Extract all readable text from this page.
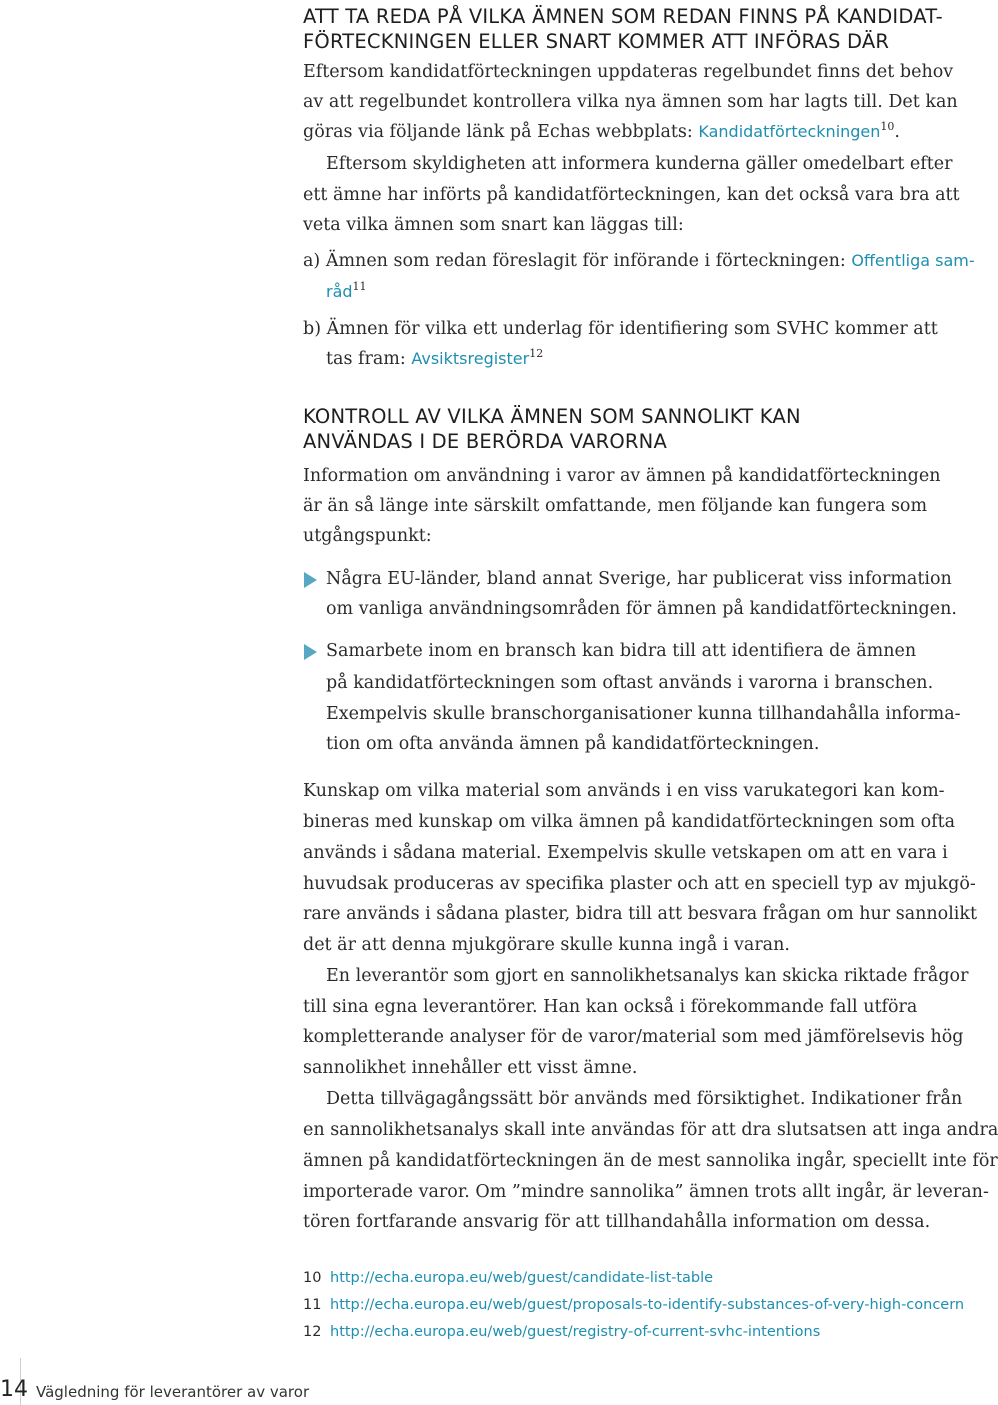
ATT TA REDA PÅ VILKA ÄMNEN SOM REDAN FINNS PÅ KANDIDAT-
FÖRTECKNINGEN ELLER SNART KOMMER ATT INFÖRAS DÄR
Eftersom kandidatförteckningen uppdateras regelbundet finns det behov
av att regelbundet kontrollera vilka nya ämnen som har lagts till. Det kan
göras via följande länk på Echas webbplats: Kandidatförteckningen$^{10}$.
Eftersom skyldigheten att informera kunderna gäller omedelbart efter
ett ämne har införts på kandidatförteckningen, kan det också vara bra att
veta vilka ämnen som snart kan läggas till:
a) Ämnen som redan föreslagit för införande i förteckningen: Offentliga sam-
råd$^{11}$
b) Ämnen för vilka ett underlag för identifiering som SVHC kommer att
tas fram: Avsiktsregister$^{12}$
KONTROLL AV VILKA ÄMNEN SOM SANNOLIKT KAN
ANVÄNDAS I DE BERÖRDA VARORNA
Information om användning i varor av ämnen på kandidatförteckningen
är än så länge inte särskilt omfattande, men följande kan fungera som
utgångspunkt:
Några EU-länder, bland annat Sverige, har publicerat viss information
om vanliga användningsområden för ämnen på kandidatförteckningen.
Samarbete inom en bransch kan bidra till att identifiera de ämnen
på kandidatförteckningen som oftast används i varorna i branschen.
Exempelvis skulle branschorganisationer kunna tillhandahålla informa-
tion om ofta använda ämnen på kandidatförteckningen.
Kunskap om vilka material som används i en viss varukategori kan kom-
bineras med kunskap om vilka ämnen på kandidatförteckningen som ofta
används i sådana material. Exempelvis skulle vetskapen om att en vara i
huvudsak produceras av specifika plaster och att en speciell typ av mjukgö-
rare används i sådana plaster, bidra till att besvara frågan om hur sannolikt
det är att denna mjukgörare skulle kunna ingå i varan.
En leverantör som gjort en sannolikhetsanalys kan skicka riktade frågor
till sina egna leverantörer. Han kan också i förekommande fall utföra
kompletterande analyser för de varor/material som med jämförelsevis hög
sannolikhet innehåller ett visst ämne.
Detta tillvägagångssätt bör används med försiktighet. Indikationer från
en sannolikhetsanalys skall inte användas för att dra slutsatsen att inga andra
ämnen på kandidatförteckningen än de mest sannolika ingår, speciellt inte för
importerade varor. Om ”mindre sannolika” ämnen trots allt ingår, är leveran-
tören fortfarande ansvarig för att tillhandahålla information om dessa.
10 http://echa.europa.eu/web/guest/candidate-list-table
11 http://echa.europa.eu/web/guest/proposals-to-identify-substances-of-very-high-concern
12 http://echa.europa.eu/web/guest/registry-of-current-svhc-intentions
14 Vägledning för leverantörer av varor
